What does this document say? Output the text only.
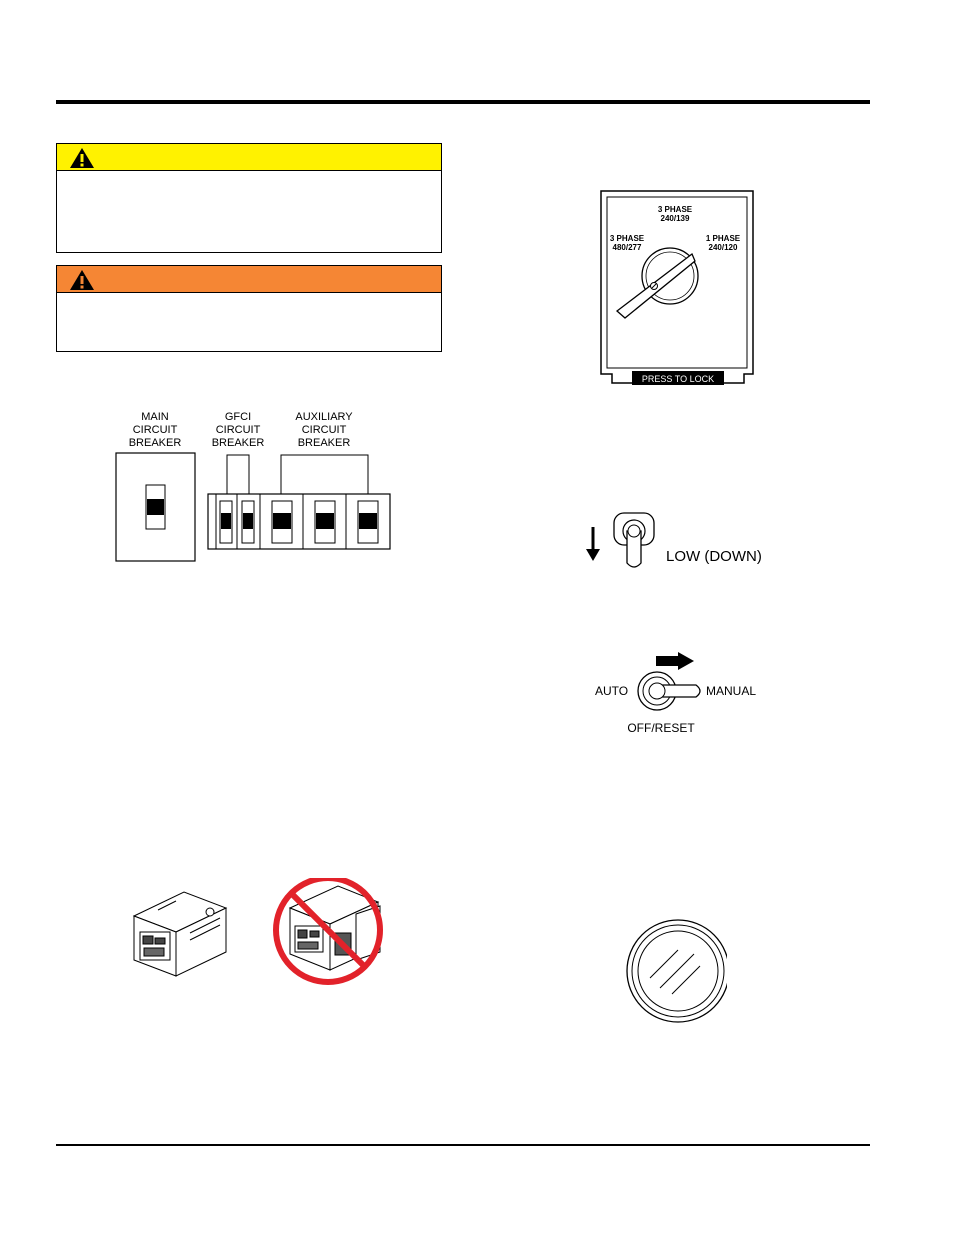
MAIN
CIRCUIT
BREAKER
GFCI
CIRCUIT
BREAKER
AUXILIARY
CIRCUIT
BREAKER
3 PHASE
240/139
3 PHASE
480/277
1 PHASE
240/120
PRESS TO LOCK
LOW (DOWN)
AUTO	MANUAL
OFF/RESET
